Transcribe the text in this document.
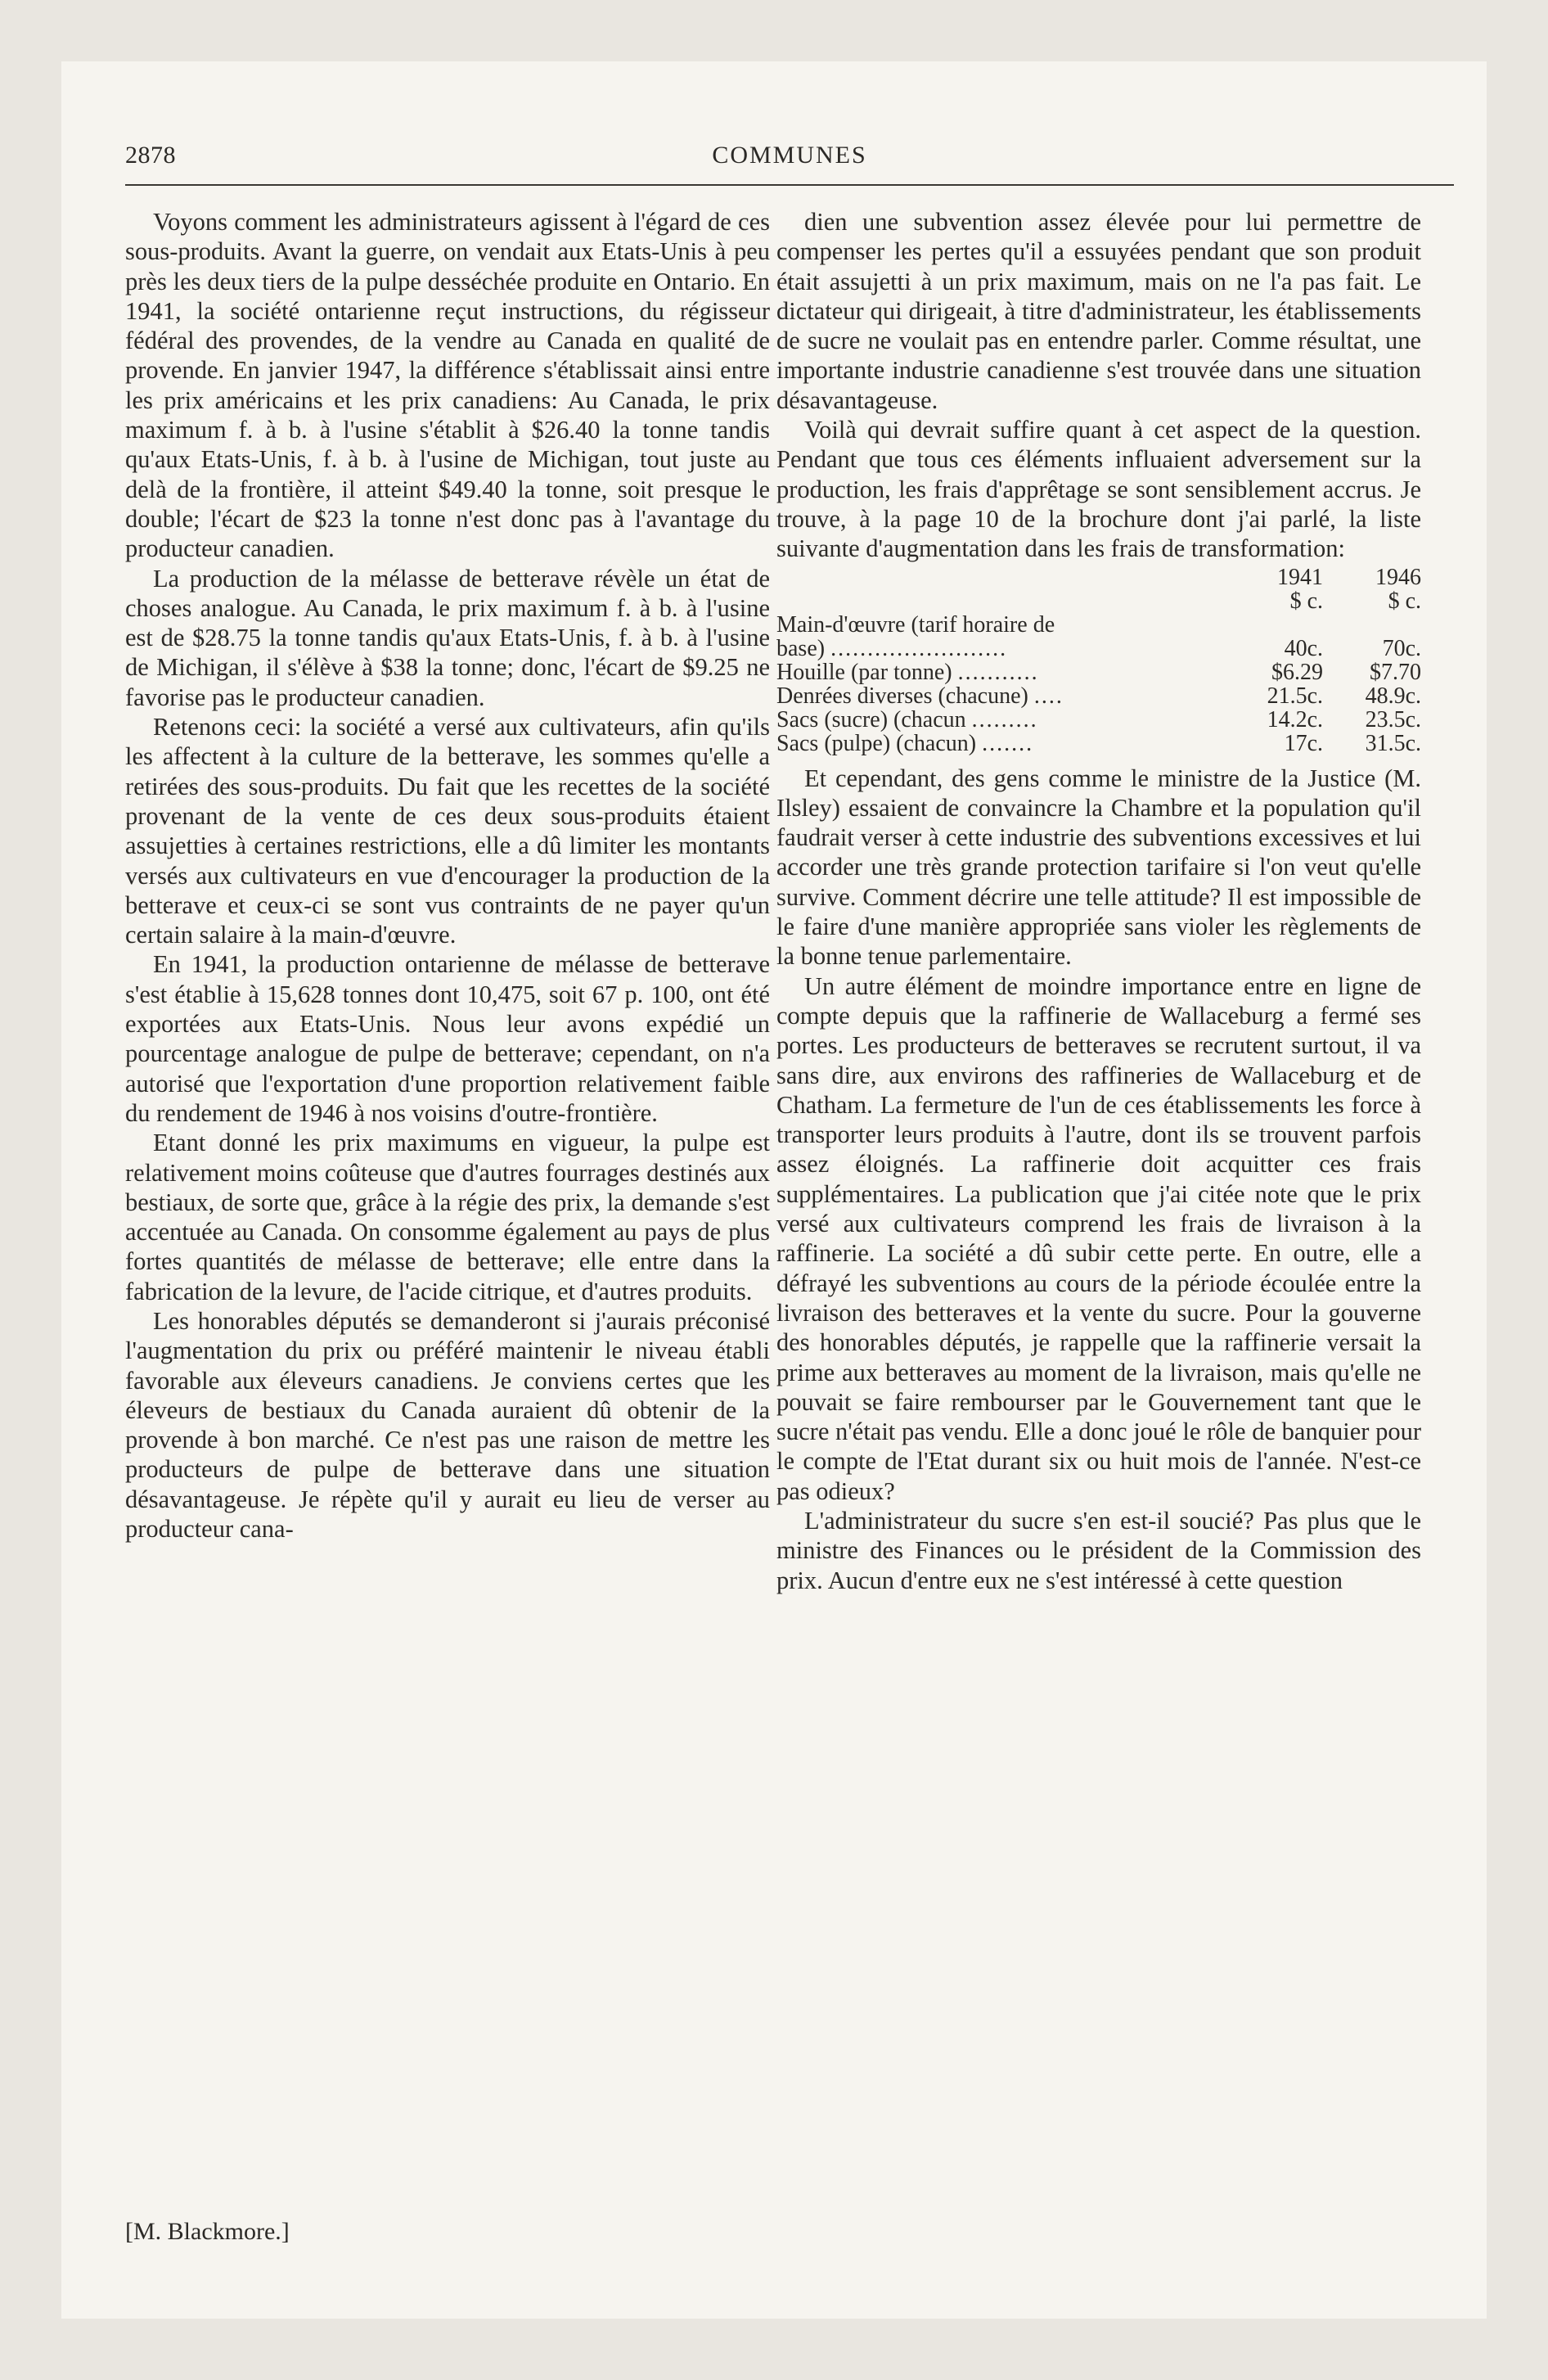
2878	COMMUNES

Voyons comment les administrateurs agissent à l'égard de ces sous-produits. Avant la guerre, on vendait aux Etats-Unis à peu près les deux tiers de la pulpe desséchée produite en Ontario. En 1941, la société ontarienne reçut instructions, du régisseur fédéral des provendes, de la vendre au Canada en qualité de provende. En janvier 1947, la différence s'établissait ainsi entre les prix américains et les prix canadiens: Au Canada, le prix maximum f. à b. à l'usine s'établit à $26.40 la tonne tandis qu'aux Etats-Unis, f. à b. à l'usine de Michigan, tout juste au delà de la frontière, il atteint $49.40 la tonne, soit presque le double; l'écart de $23 la tonne n'est donc pas à l'avantage du producteur canadien.

La production de la mélasse de betterave révèle un état de choses analogue. Au Canada, le prix maximum f. à b. à l'usine est de $28.75 la tonne tandis qu'aux Etats-Unis, f. à b. à l'usine de Michigan, il s'élève à $38 la tonne; donc, l'écart de $9.25 ne favorise pas le producteur canadien.

Retenons ceci: la société a versé aux cultivateurs, afin qu'ils les affectent à la culture de la betterave, les sommes qu'elle a retirées des sous-produits. Du fait que les recettes de la société provenant de la vente de ces deux sous-produits étaient assujetties à certaines restrictions, elle a dû limiter les montants versés aux cultivateurs en vue d'encourager la production de la betterave et ceux-ci se sont vus contraints de ne payer qu'un certain salaire à la main-d'œuvre.

En 1941, la production ontarienne de mélasse de betterave s'est établie à 15,628 tonnes dont 10,475, soit 67 p. 100, ont été exportées aux Etats-Unis. Nous leur avons expédié un pourcentage analogue de pulpe de betterave; cependant, on n'a autorisé que l'exportation d'une proportion relativement faible du rendement de 1946 à nos voisins d'outre-frontière.

Etant donné les prix maximums en vigueur, la pulpe est relativement moins coûteuse que d'autres fourrages destinés aux bestiaux, de sorte que, grâce à la régie des prix, la demande s'est accentuée au Canada. On consomme également au pays de plus fortes quantités de mélasse de betterave; elle entre dans la fabrication de la levure, de l'acide citrique, et d'autres produits.

Les honorables députés se demanderont si j'aurais préconisé l'augmentation du prix ou préféré maintenir le niveau établi favorable aux éleveurs canadiens. Je conviens certes que les éleveurs de bestiaux du Canada auraient dû obtenir de la provende à bon marché. Ce n'est pas une raison de mettre les producteurs de pulpe de betterave dans une situation désavantageuse. Je répète qu'il y aurait eu lieu de verser au producteur cana-

dien une subvention assez élevée pour lui permettre de compenser les pertes qu'il a essuyées pendant que son produit était assujetti à un prix maximum, mais on ne l'a pas fait. Le dictateur qui dirigeait, à titre d'administrateur, les établissements de sucre ne voulait pas en entendre parler. Comme résultat, une importante industrie canadienne s'est trouvée dans une situation désavantageuse.

Voilà qui devrait suffire quant à cet aspect de la question. Pendant que tous ces éléments influaient adversement sur la production, les frais d'apprêtage se sont sensiblement accrus. Je trouve, à la page 10 de la brochure dont j'ai parlé, la liste suivante d'augmentation dans les frais de transformation:

	1941	1946
	$ c.	$ c.
Main-d'œuvre (tarif horaire de		
base) ........................	40c.	70c.
Houille (par tonne) ...........	$6.29	$7.70
Denrées diverses (chacune) ....	21.5c.	48.9c.
Sacs (sucre) (chacun .........	14.2c.	23.5c.
Sacs (pulpe) (chacun) .......	17c.	31.5c.

Et cependant, des gens comme le ministre de la Justice (M. Ilsley) essaient de convaincre la Chambre et la population qu'il faudrait verser à cette industrie des subventions excessives et lui accorder une très grande protection tarifaire si l'on veut qu'elle survive. Comment décrire une telle attitude? Il est impossible de le faire d'une manière appropriée sans violer les règlements de la bonne tenue parlementaire.

Un autre élément de moindre importance entre en ligne de compte depuis que la raffinerie de Wallaceburg a fermé ses portes. Les producteurs de betteraves se recrutent surtout, il va sans dire, aux environs des raffineries de Wallaceburg et de Chatham. La fermeture de l'un de ces établissements les force à transporter leurs produits à l'autre, dont ils se trouvent parfois assez éloignés. La raffinerie doit acquitter ces frais supplémentaires. La publication que j'ai citée note que le prix versé aux cultivateurs comprend les frais de livraison à la raffinerie. La société a dû subir cette perte. En outre, elle a défrayé les subventions au cours de la période écoulée entre la livraison des betteraves et la vente du sucre. Pour la gouverne des honorables députés, je rappelle que la raffinerie versait la prime aux betteraves au moment de la livraison, mais qu'elle ne pouvait se faire rembourser par le Gouvernement tant que le sucre n'était pas vendu. Elle a donc joué le rôle de banquier pour le compte de l'Etat durant six ou huit mois de l'année. N'est-ce pas odieux?

L'administrateur du sucre s'en est-il soucié? Pas plus que le ministre des Finances ou le président de la Commission des prix. Aucun d'entre eux ne s'est intéressé à cette question

[M. Blackmore.]
